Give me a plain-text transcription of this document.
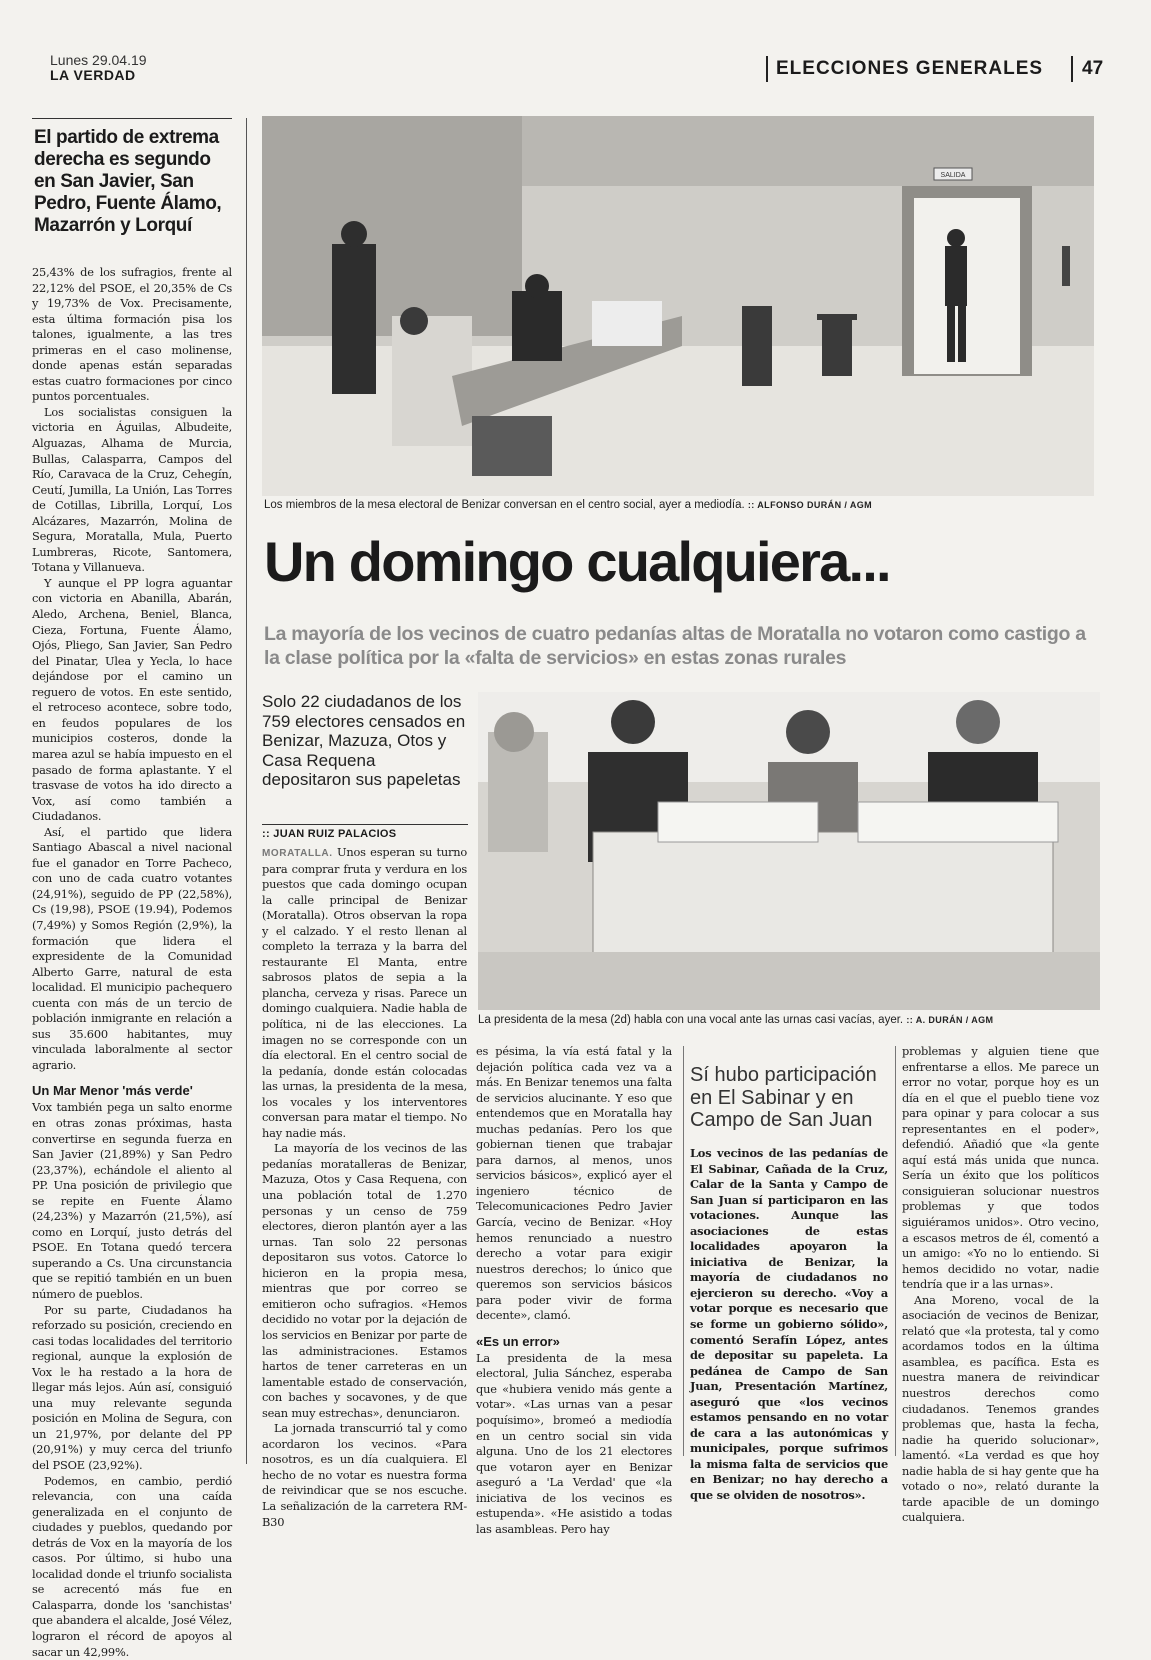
Lunes 29.04.19
LA VERDAD	ELECCIONES GENERALES 47
El partido de extrema derecha es segundo en San Javier, San Pedro, Fuente Álamo, Mazarrón y Lorquí

25,43% de los sufragios, frente al 22,12% del PSOE, el 20,35% de Cs y 19,73% de Vox. Precisamente, esta última formación pisa los talones, igualmente, a las tres primeras en el caso molinense, donde apenas están separadas estas cuatro formaciones por cinco puntos porcentuales.

Los socialistas consiguen la victoria en Águilas, Albudeite, Alguazas, Alhama de Murcia, Bullas, Calasparra, Campos del Río, Caravaca de la Cruz, Cehegín, Ceutí, Jumilla, La Unión, Las Torres de Cotillas, Librilla, Lorquí, Los Alcázares, Mazarrón, Molina de Segura, Moratalla, Mula, Puerto Lumbreras, Ricote, Santomera, Totana y Villanueva.

Y aunque el PP logra aguantar con victoria en Abanilla, Abarán, Aledo, Archena, Beniel, Blanca, Cieza, Fortuna, Fuente Álamo, Ojós, Pliego, San Javier, San Pedro del Pinatar, Ulea y Yecla, lo hace dejándose por el camino un reguero de votos. En este sentido, el retroceso acontece, sobre todo, en feudos populares de los municipios costeros, donde la marea azul se había impuesto en el pasado de forma aplastante. Y el trasvase de votos ha ido directo a Vox, así como también a Ciudadanos.

Así, el partido que lidera Santiago Abascal a nivel nacional fue el ganador en Torre Pacheco, con uno de cada cuatro votantes (24,91%), seguido de PP (22,58%), Cs (19,98), PSOE (19.94), Podemos (7,49%) y Somos Región (2,9%), la formación que lidera el expresidente de la Comunidad Alberto Garre, natural de esta localidad. El municipio pachequero cuenta con más de un tercio de población inmigrante en relación a sus 35.600 habitantes, muy vinculada laboralmente al sector agrario.

Un Mar Menor 'más verde'

Vox también pega un salto enorme en otras zonas próximas, hasta convertirse en segunda fuerza en San Javier (21,89%) y San Pedro (23,37%), echándole el aliento al PP. Una posición de privilegio que se repite en Fuente Álamo (24,23%) y Mazarrón (21,5%), así como en Lorquí, justo detrás del PSOE. En Totana quedó tercera superando a Cs. Una circunstancia que se repitió también en un buen número de pueblos.

Por su parte, Ciudadanos ha reforzado su posición, creciendo en casi todas localidades del territorio regional, aunque la explosión de Vox le ha restado a la hora de llegar más lejos. Aún así, consiguió una muy relevante segunda posición en Molina de Segura, con un 21,97%, por delante del PP (20,91%) y muy cerca del triunfo del PSOE (23,92%).

Podemos, en cambio, perdió relevancia, con una caída generalizada en el conjunto de ciudades y pueblos, quedando por detrás de Vox en la mayoría de los casos. Por último, si hubo una localidad donde el triunfo socialista se acrecentó más fue en Calasparra, donde los 'sanchistas' que abandera el alcalde, José Vélez, lograron el récord de apoyos al sacar un 42,99%.

SALIDA
Los miembros de la mesa electoral de Benizar conversan en el centro social, ayer a mediodía. :: ALFONSO DURÁN / AGM
Un domingo cualquiera...
La mayoría de los vecinos de cuatro pedanías altas de Moratalla no votaron como castigo a la clase política por la «falta de servicios» en estas zonas rurales
Solo 22 ciudadanos de los 759 electores censados en Benizar, Mazuza, Otos y Casa Requena depositaron sus papeletas
:: JUAN RUIZ PALACIOS
La presidenta de la mesa (2d) habla con una vocal ante las urnas casi vacías, ayer. :: A. DURÁN / AGM

MORATALLA. Unos esperan su turno para comprar fruta y verdura en los puestos que cada domingo ocupan la calle principal de Benizar (Moratalla). Otros observan la ropa y el calzado. Y el resto llenan al completo la terraza y la barra del restaurante El Manta, entre sabrosos platos de sepia a la plancha, cerveza y risas. Parece un domingo cualquiera. Nadie habla de política, ni de las elecciones. La imagen no se corresponde con un día electoral. En el centro social de la pedanía, donde están colocadas las urnas, la presidenta de la mesa, los vocales y los interventores conversan para matar el tiempo. No hay nadie más.

La mayoría de los vecinos de las pedanías moratalleras de Benizar, Mazuza, Otos y Casa Requena, con una población total de 1.270 personas y un censo de 759 electores, dieron plantón ayer a las urnas. Tan solo 22 personas depositaron sus votos. Catorce lo hicieron en la propia mesa, mientras que por correo se emitieron ocho sufragios. «Hemos decidido no votar por la dejación de los servicios en Benizar por parte de las administraciones. Estamos hartos de tener carreteras en un lamentable estado de conservación, con baches y socavones, y de que sean muy estrechas», denunciaron.

La jornada transcurrió tal y como acordaron los vecinos. «Para nosotros, es un día cualquiera. El hecho de no votar es nuestra forma de reivindicar que se nos escuche. La señalización de la carretera RM-B30

es pésima, la vía está fatal y la dejación política cada vez va a más. En Benizar tenemos una falta de servicios alucinante. Y eso que entendemos que en Moratalla hay muchas pedanías. Pero los que gobiernan tienen que trabajar para darnos, al menos, unos servicios básicos», explicó ayer el ingeniero técnico de Telecomunicaciones Pedro Javier García, vecino de Benizar. «Hoy hemos renunciado a nuestro derecho a votar para exigir nuestros derechos; lo único que queremos son servicios básicos para poder vivir de forma decente», clamó.

«Es un error»

La presidenta de la mesa electoral, Julia Sánchez, esperaba que «hubiera venido más gente a votar». «Las urnas van a pesar poquísimo», bromeó a mediodía en un centro social sin vida alguna. Uno de los 21 electores que votaron ayer en Benizar aseguró a 'La Verdad' que «la iniciativa de los vecinos es estupenda». «He asistido a todas las asambleas. Pero hay

Sí hubo participación en El Sabinar y en Campo de San Juan

Los vecinos de las pedanías de El Sabinar, Cañada de la Cruz, Calar de la Santa y Campo de San Juan sí participaron en las votaciones. Aunque las asociaciones de estas localidades apoyaron la iniciativa de Benizar, la mayoría de ciudadanos no ejercieron su derecho. «Voy a votar porque es necesario que se forme un gobierno sólido», comentó Serafín López, antes de depositar su papeleta. La pedánea de Campo de San Juan, Presentación Martínez, aseguró que «los vecinos estamos pensando en no votar de cara a las autonómicas y municipales, porque sufrimos la misma falta de servicios que en Benizar; no hay derecho a que se olviden de nosotros».

problemas y alguien tiene que enfrentarse a ellos. Me parece un error no votar, porque hoy es un día en el que el pueblo tiene voz para opinar y para colocar a sus representantes en el poder», defendió. Añadió que «la gente aquí está más unida que nunca. Sería un éxito que los políticos consiguieran solucionar nuestros problemas y que todos siguiéramos unidos». Otro vecino, a escasos metros de él, comentó a un amigo: «Yo no lo entiendo. Si hemos decidido no votar, nadie tendría que ir a las urnas».

Ana Moreno, vocal de la asociación de vecinos de Benizar, relató que «la protesta, tal y como acordamos todos en la última asamblea, es pacífica. Esta es nuestra manera de reivindicar nuestros derechos como ciudadanos. Tenemos grandes problemas que, hasta la fecha, nadie ha querido solucionar», lamentó. «La verdad es que hoy nadie habla de si hay gente que ha votado o no», relató durante la tarde apacible de un domingo cualquiera.
